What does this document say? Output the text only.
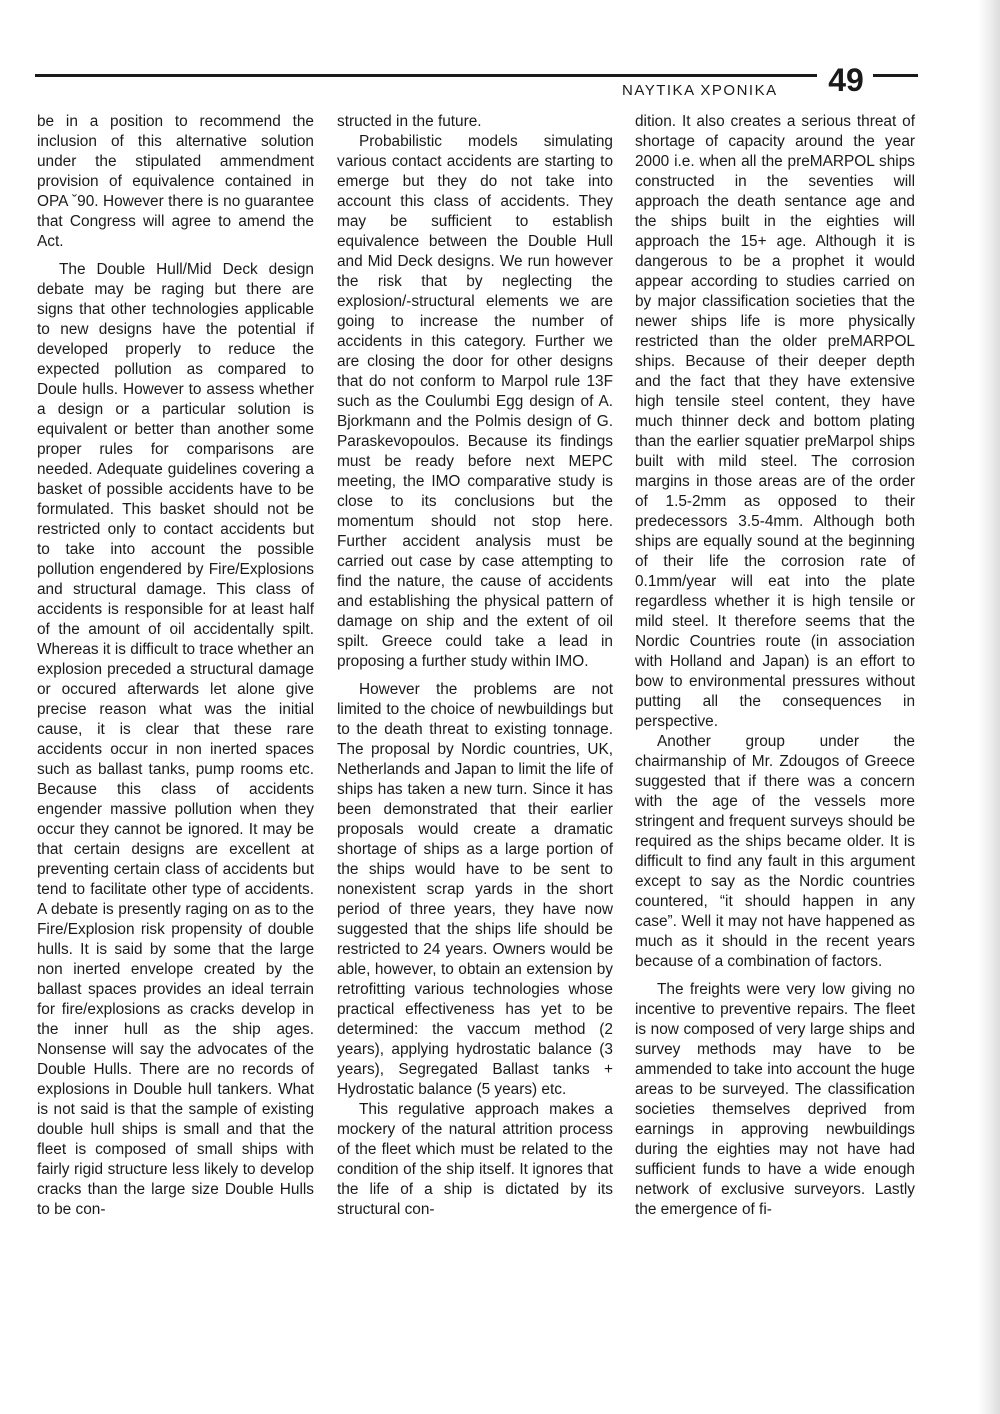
ΝΑΥΤΙΚΑ ΧΡΟΝΙΚΑ	49

be in a position to recommend the inclusion of this alternative solution under the stipulated ammendment provision of equivalence contained in OPA ˇ90. However there is no guarantee that Congress will agree to amend the Act.

The Double Hull/Mid Deck design debate may be raging but there are signs that other technologies applicable to new designs have the potential if developed properly to reduce the expected pollution as compared to Doule hulls. However to assess whether a design or a particular solution is equivalent or better than another some proper rules for comparisons are needed. Adequate guidelines covering a basket of possible accidents have to be formulated. This basket should not be restricted only to contact accidents but to take into account the possible pollution engendered by Fire/Explosions and structural damage. This class of accidents is responsible for at least half of the amount of oil accidentally spilt. Whereas it is difficult to trace whether an explosion preceded a structural damage or occured afterwards let alone give precise reason what was the initial cause, it is clear that these rare accidents occur in non inerted spaces such as ballast tanks, pump rooms etc. Because this class of accidents engender massive pollution when they occur they cannot be ignored. It may be that certain designs are excellent at preventing certain class of accidents but tend to facilitate other type of accidents. A debate is presently raging on as to the Fire/Explosion risk propensity of double hulls. It is said by some that the large non inerted envelope created by the ballast spaces provides an ideal terrain for fire/explosions as cracks develop in the inner hull as the ship ages. Nonsense will say the advocates of the Double Hulls. There are no records of explosions in Double hull tankers. What is not said is that the sample of existing double hull ships is small and that the fleet is composed of small ships with fairly rigid structure less likely to develop cracks than the large size Double Hulls to be con-

structed in the future.

Probabilistic models simulating various contact accidents are starting to emerge but they do not take into account this class of accidents. They may be sufficient to establish equivalence between the Double Hull and Mid Deck designs. We run however the risk that by neglecting the explosion/-structural elements we are going to increase the number of accidents in this category. Further we are closing the door for other designs that do not conform to Marpol rule 13F such as the Coulumbi Egg design of A. Bjorkmann and the Polmis design of G. Paraskevopoulos. Because its findings must be ready before next MEPC meeting, the IMO comparative study is close to its conclusions but the momentum should not stop here. Further accident analysis must be carried out case by case attempting to find the nature, the cause of accidents and establishing the physical pattern of damage on ship and the extent of oil spilt. Greece could take a lead in proposing a further study within IMO.

However the problems are not limited to the choice of newbuildings but to the death threat to existing tonnage. The proposal by Nordic countries, UK, Netherlands and Japan to limit the life of ships has taken a new turn. Since it has been demonstrated that their earlier proposals would create a dramatic shortage of ships as a large portion of the ships would have to be sent to nonexistent scrap yards in the short period of three years, they have now suggested that the ships life should be restricted to 24 years. Owners would be able, however, to obtain an extension by retrofitting various technologies whose practical effectiveness has yet to be determined: the vaccum method (2 years), applying hydrostatic balance (3 years), Segregated Ballast tanks + Hydrostatic balance (5 years) etc.

This regulative approach makes a mockery of the natural attrition process of the fleet which must be related to the condition of the ship itself. It ignores that the life of a ship is dictated by its structural con-

dition. It also creates a serious threat of shortage of capacity around the year 2000 i.e. when all the preMARPOL ships constructed in the seventies will approach the death sentance age and the ships built in the eighties will approach the 15+ age. Although it is dangerous to be a prophet it would appear according to studies carried on by major classification societies that the newer ships life is more physically restricted than the older preMARPOL ships. Because of their deeper depth and the fact that they have extensive high tensile steel content, they have much thinner deck and bottom plating than the earlier squatier preMarpol ships built with mild steel. The corrosion margins in those areas are of the order of 1.5-2mm as opposed to their predecessors 3.5-4mm. Although both ships are equally sound at the beginning of their life the corrosion rate of 0.1mm/year will eat into the plate regardless whether it is high tensile or mild steel. It therefore seems that the Nordic Countries route (in association with Holland and Japan) is an effort to bow to environmental pressures without putting all the consequences in perspective.

Another group under the chairmanship of Mr. Zdougos of Greece suggested that if there was a concern with the age of the vessels more stringent and frequent surveys should be required as the ships became older. It is difficult to find any fault in this argument except to say as the Nordic countries countered, “it should happen in any case”. Well it may not have happened as much as it should in the recent years because of a combination of factors.

The freights were very low giving no incentive to preventive repairs. The fleet is now composed of very large ships and survey methods may have to be ammended to take into account the huge areas to be surveyed. The classification societies themselves deprived from earnings in approving newbuildings during the eighties may not have had sufficient funds to have a wide enough network of exclusive surveyors. Lastly the emergence of fi-
